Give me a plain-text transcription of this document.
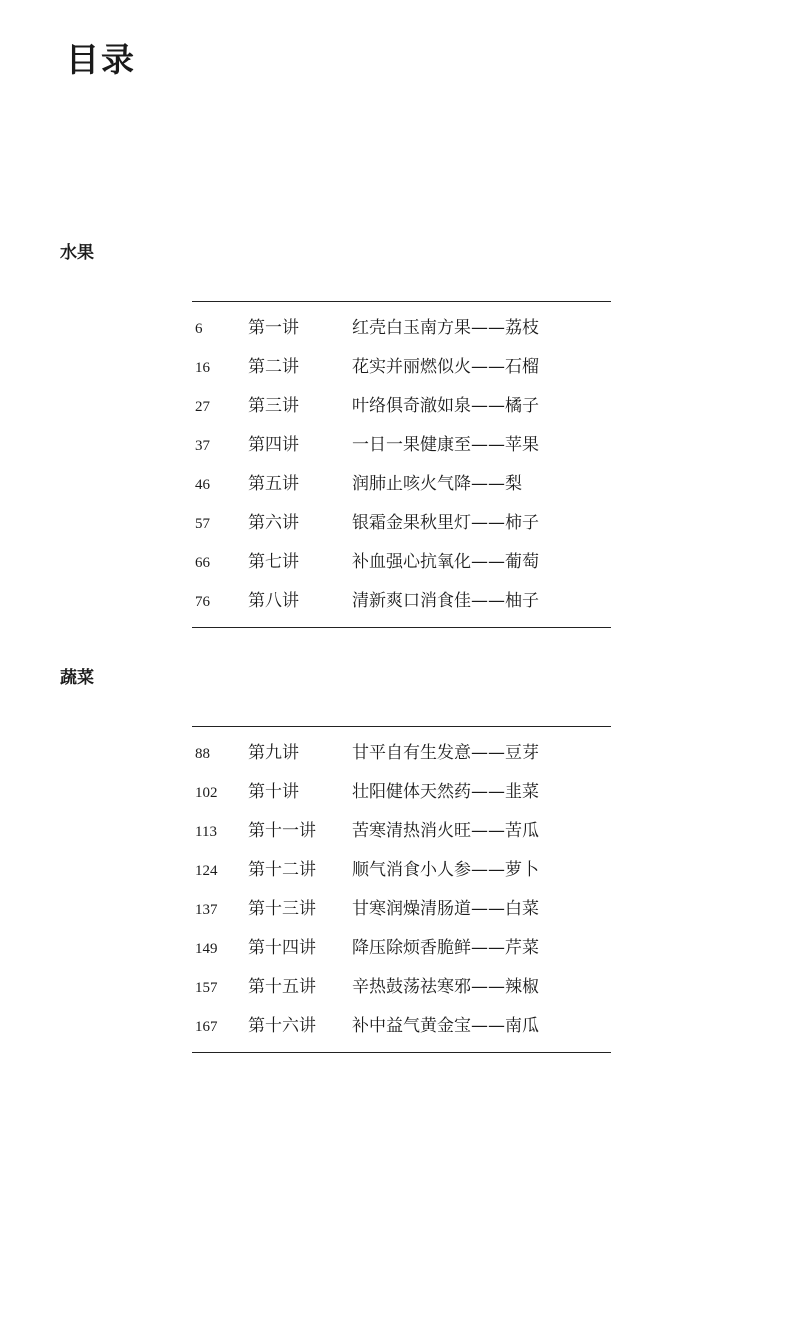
目录
水果
6	第一讲	红壳白玉南方果——荔枝
16 第二讲	花实并丽燃似火——石榴
27 第三讲	叶络俱奇澈如泉——橘子
37 第四讲	一日一果健康至——苹果
46 第五讲	润肺止咳火气降——梨
57 第六讲	银霜金果秋里灯——柿子
66 第七讲	补血强心抗氧化——葡萄
76 第八讲	清新爽口消食佳——柚子
蔬菜
88 第九讲	甘平自有生发意——豆芽
102 第十讲	壮阳健体天然药——韭菜
113 第十一讲 苦寒清热消火旺——苦瓜
124 第十二讲 顺气消食小人参——萝卜
137 第十三讲 甘寒润燥清肠道——白菜
149 第十四讲 降压除烦香脆鲜——芹菜
157 第十五讲 辛热鼓荡祛寒邪——辣椒
167 第十六讲 补中益气黄金宝——南瓜
